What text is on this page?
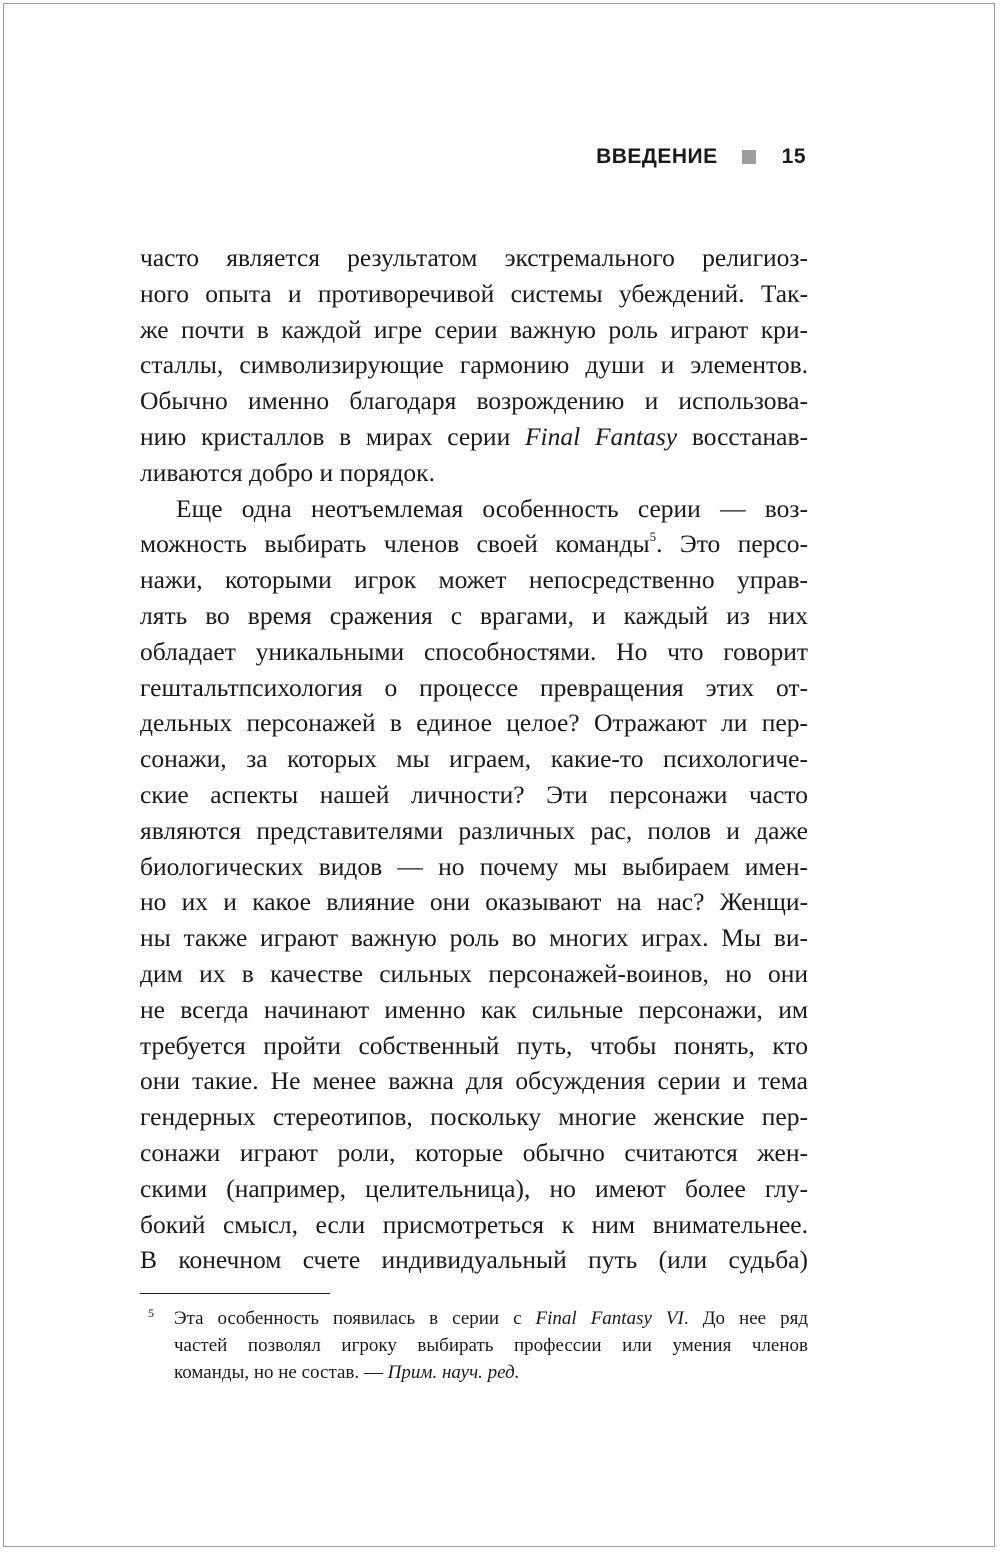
ВВЕДЕНИЕ	15
часто является результатом экстремального религиоз-
ного опыта и противоречивой системы убеждений. Так-
же почти в каждой игре серии важную роль играют кри-
сталлы, символизирующие гармонию души и элементов.
Обычно именно благодаря возрождению и использова-
нию кристаллов в мирах серии Final Fantasy восстанав-
ливаются добро и порядок.
Еще одна неотъемлемая особенность серии — воз-
можность выбирать членов своей команды$^5$. Это персо-
нажи, которыми игрок может непосредственно управ-
лять во время сражения с врагами, и каждый из них
обладает уникальными способностями. Но что говорит
гештальтпсихология о процессе превращения этих от-
дельных персонажей в единое целое? Отражают ли пер-
сонажи, за которых мы играем, какие-то психологиче-
ские аспекты нашей личности? Эти персонажи часто
являются представителями различных рас, полов и даже
биологических видов — но почему мы выбираем имен-
но их и какое влияние они оказывают на нас? Женщи-
ны также играют важную роль во многих играх. Мы ви-
дим их в качестве сильных персонажей-воинов, но они
не всегда начинают именно как сильные персонажи, им
требуется пройти собственный путь, чтобы понять, кто
они такие. Не менее важна для обсуждения серии и тема
гендерных стереотипов, поскольку многие женские пер-
сонажи играют роли, которые обычно считаются жен-
скими (например, целительница), но имеют более глу-
бокий смысл, если присмотреться к ним внимательнее.
В конечном счете индивидуальный путь (или судьба)
5 Эта особенность появилась в серии с Final Fantasy VI. До нее ряд
частей позволял игроку выбирать профессии или умения членов
команды, но не состав. — Прим. науч. ред.
